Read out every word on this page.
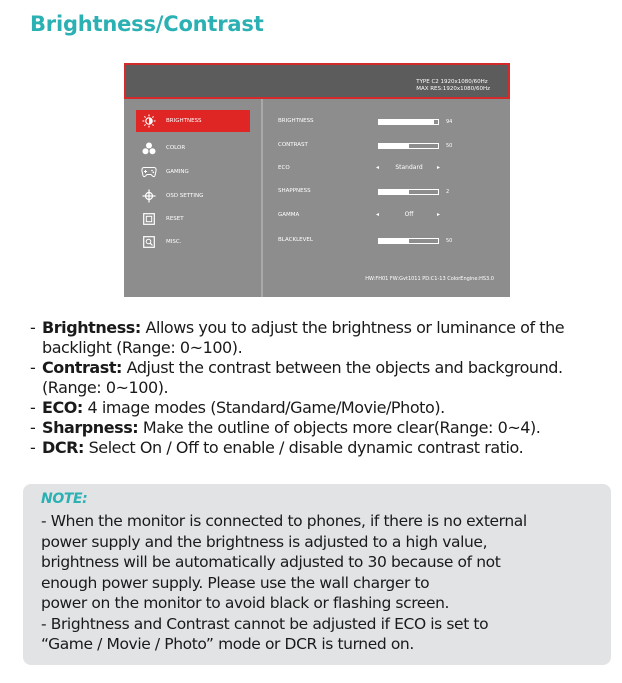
Brightness/Contrast
TYPE C2 1920x1080/60Hz
MAX RES:1920x1080/60Hz
BRIGHTNESS
COLOR
GAMING
OSD SETTING
RESET
MISC.
BRIGHTNESS	94
CONTRAST	50
ECO	◂	Standard	▸
SHAPPNESS	2
GAMMA	◂	Off	▸
BLACKLEVEL	50
HW:FH01 FW:Gvt1011 PD:C1-13 ColorEngine:HS3.0
- Brightness: Allows you to adjust the brightness or luminance of the backlight (Range: 0~100).
- Contrast: Adjust the contrast between the objects and background. (Range: 0~100).
- ECO: 4 image modes (Standard/Game/Movie/Photo).
- Sharpness: Make the outline of objects more clear(Range: 0~4).
- DCR: Select On / Off to enable / disable dynamic contrast ratio.
NOTE:
- When the monitor is connected to phones, if there is no external
power supply and the brightness is adjusted to a high value,
brightness will be automatically adjusted to 30 because of not
enough power supply. Please use the wall charger to
power on the monitor to avoid black or flashing screen.
- Brightness and Contrast cannot be adjusted if ECO is set to
“Game / Movie / Photo” mode or DCR is turned on.
